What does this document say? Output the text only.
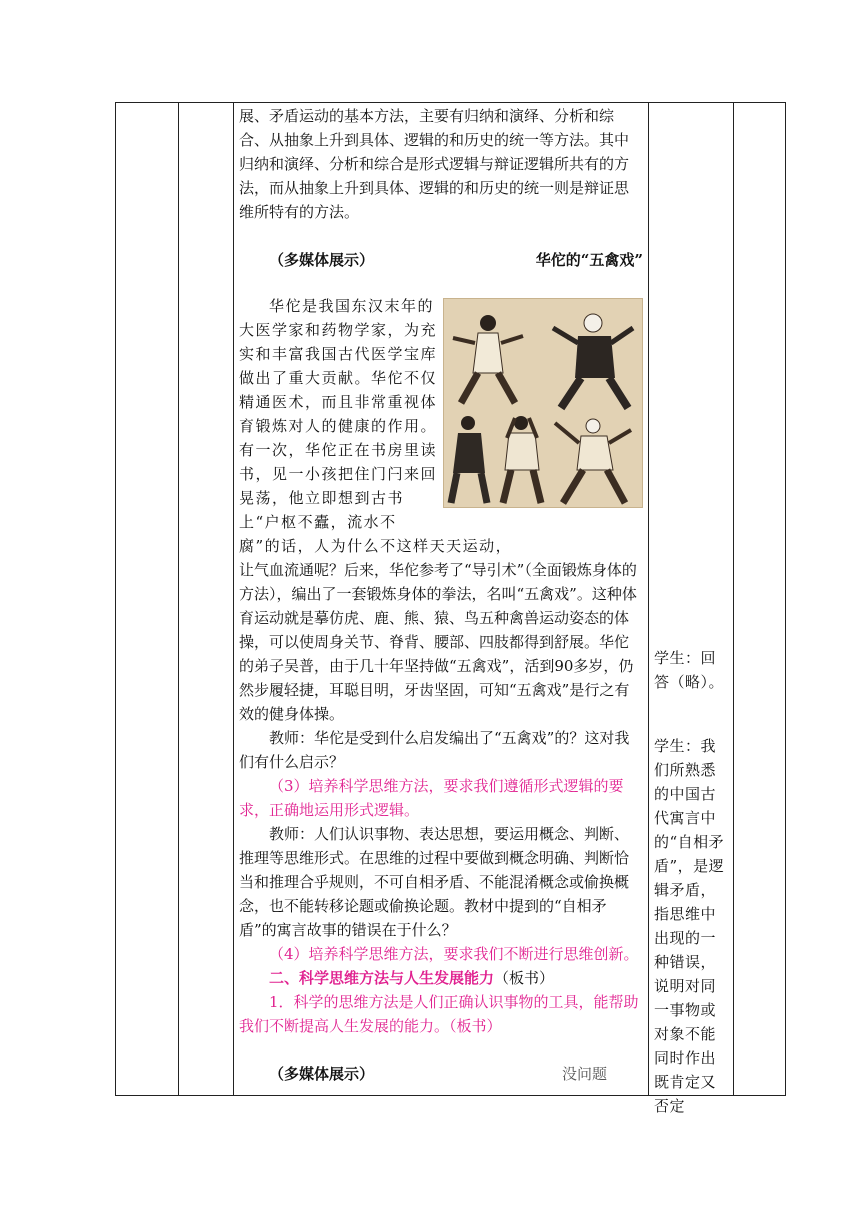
展、矛盾运动的基本方法，主要有归纳和演绎、分析和综合、从抽象上升到具体、逻辑的和历史的统一等方法。其中归纳和演绎、分析和综合是形式逻辑与辩证逻辑所共有的方法，而从抽象上升到具体、逻辑的和历史的统一则是辩证思维所特有的方法。

（多媒体展示）	华佗的“五禽戏”

华佗是我国东汉末年的大医学家和药物学家，为充实和丰富我国古代医学宝库做出了重大贡献。华佗不仅精通医术，而且非常重视体育锻炼对人的健康的作用。有一次，华佗正在书房里读书，见一小孩把住门闩来回晃荡，他立即想到古书上“户枢不蠹，流水不腐”的话，人为什么不这样天天运动，

让气血流通呢？后来，华佗参考了“导引术”（全面锻炼身体的方法），编出了一套锻炼身体的拳法，名叫“五禽戏”。这种体育运动就是摹仿虎、鹿、熊、猿、鸟五种禽兽运动姿态的体操，可以使周身关节、脊背、腰部、四肢都得到舒展。华佗的弟子吴普，由于几十年坚持做“五禽戏”，活到90多岁，仍然步履轻捷，耳聪目明，牙齿坚固，可知“五禽戏”是行之有效的健身体操。

教师：华佗是受到什么启发编出了“五禽戏”的？这对我们有什么启示？

（3）培养科学思维方法，要求我们遵循形式逻辑的要求，正确地运用形式逻辑。

教师：人们认识事物、表达思想，要运用概念、判断、推理等思维形式。在思维的过程中要做到概念明确、判断恰当和推理合乎规则，不可自相矛盾、不能混淆概念或偷换概念，也不能转移论题或偷换论题。教材中提到的“自相矛盾”的寓言故事的错误在于什么？

（4）培养科学思维方法，要求我们不断进行思维创新。

二、科学思维方法与人生发展能力（板书）

1．科学的思维方法是人们正确认识事物的工具，能帮助我们不断提高人生发展的能力。（板书）

（多媒体展示）	没问题

学生：回答（略）。
学生：我们所熟悉的中国古代寓言中的“自相矛盾”，是逻辑矛盾，指思维中出现的一种错误，说明对同一事物或对象不能同时作出既肯定又否定
